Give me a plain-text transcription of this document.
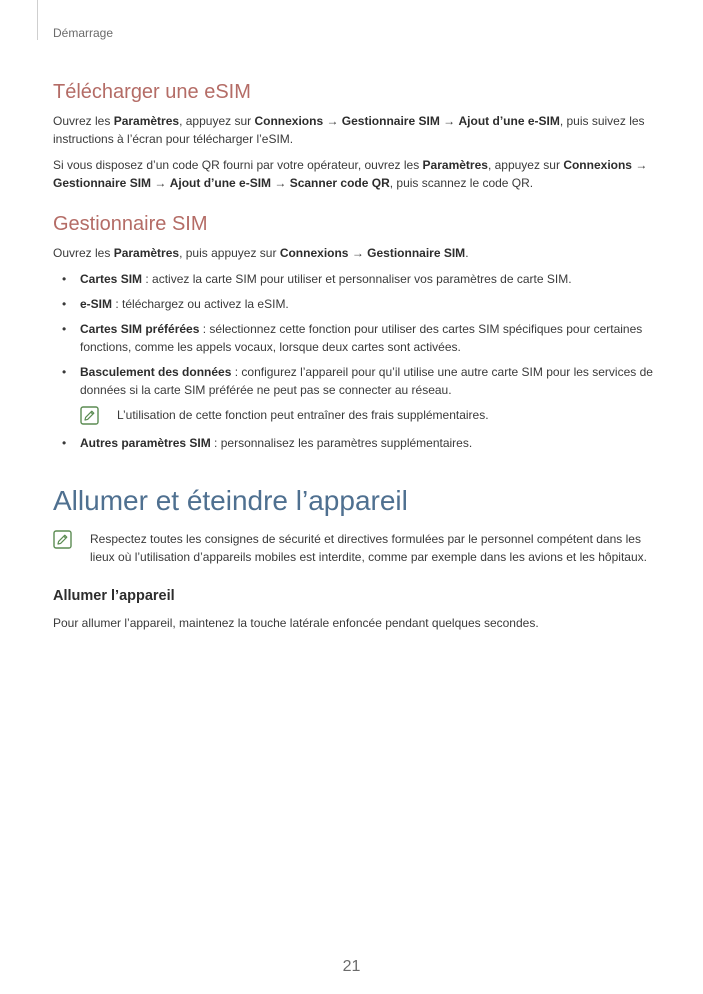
Démarrage
Télécharger une eSIM

Ouvrez les Paramètres, appuyez sur Connexions → Gestionnaire SIM → Ajout d’une e-SIM, puis suivez les instructions à l’écran pour télécharger l’eSIM.

Si vous disposez d’un code QR fourni par votre opérateur, ouvrez les Paramètres, appuyez sur Connexions → Gestionnaire SIM → Ajout d’une e-SIM → Scanner code QR, puis scannez le code QR.

Gestionnaire SIM

Ouvrez les Paramètres, puis appuyez sur Connexions → Gestionnaire SIM.

• Cartes SIM : activez la carte SIM pour utiliser et personnaliser vos paramètres de carte SIM.
• e-SIM : téléchargez ou activez la eSIM.
• Cartes SIM préférées : sélectionnez cette fonction pour utiliser des cartes SIM spécifiques pour certaines fonctions, comme les appels vocaux, lorsque deux cartes sont activées.
• Basculement des données : configurez l’appareil pour qu’il utilise une autre carte SIM pour les services de données si la carte SIM préférée ne peut pas se connecter au réseau.
L’utilisation de cette fonction peut entraîner des frais supplémentaires.
• Autres paramètres SIM : personnalisez les paramètres supplémentaires.
Allumer et éteindre l’appareil
Respectez toutes les consignes de sécurité et directives formulées par le personnel compétent dans les lieux où l’utilisation d’appareils mobiles est interdite, comme par exemple dans les avions et les hôpitaux.
Allumer l’appareil

Pour allumer l’appareil, maintenez la touche latérale enfoncée pendant quelques secondes.

21
